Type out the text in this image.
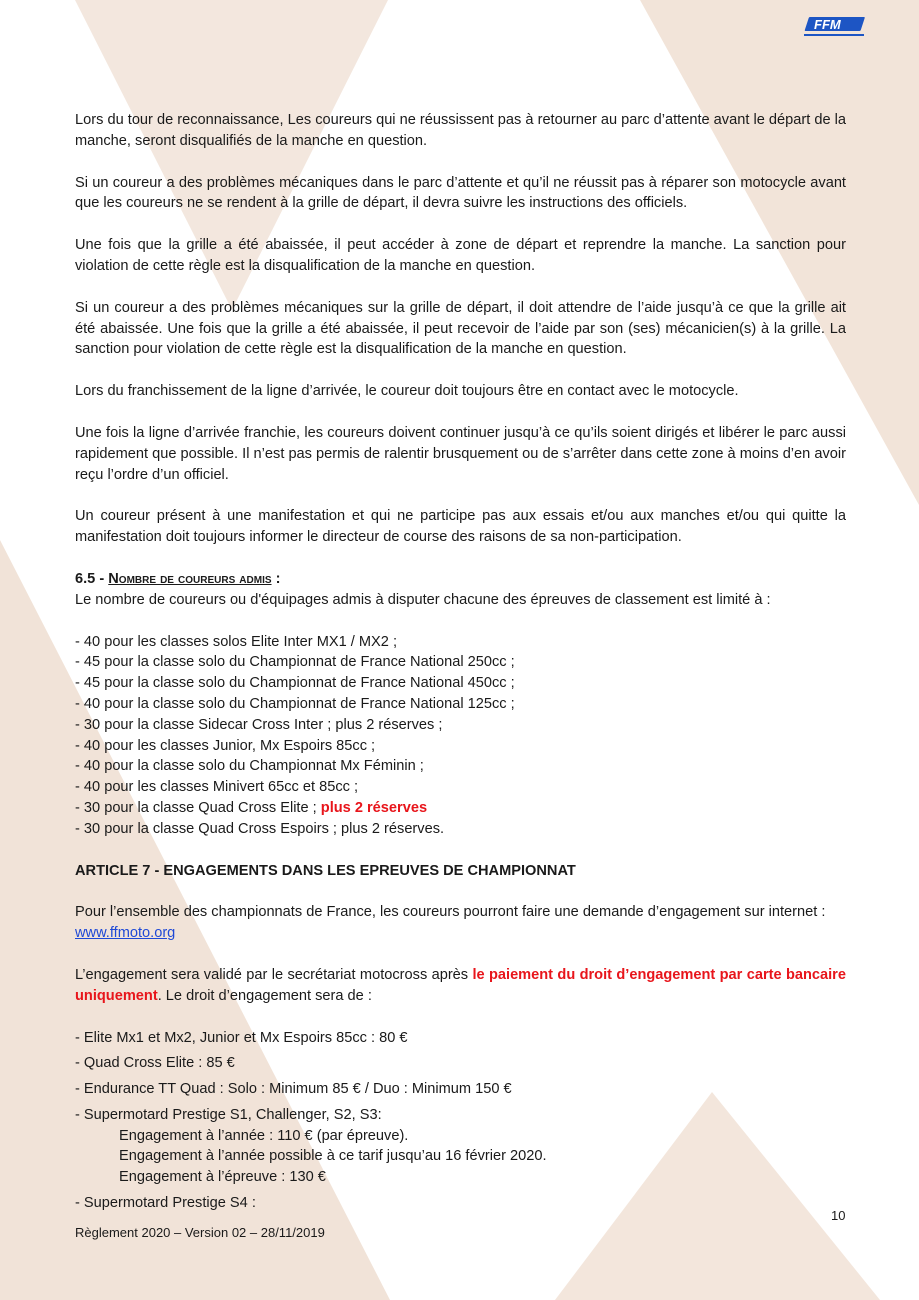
FFM

Lors du tour de reconnaissance, Les coureurs qui ne réussissent pas à retourner au parc d’attente avant le départ de la manche, seront disqualifiés de la manche en question.

Si un coureur a des problèmes mécaniques dans le parc d’attente et qu’il ne réussit pas à réparer son motocycle avant que les coureurs ne se rendent à la grille de départ, il devra suivre les instructions des officiels.

Une fois que la grille a été abaissée, il peut accéder à zone de départ et reprendre la manche. La sanction pour violation de cette règle est la disqualification de la manche en question.

Si un coureur a des problèmes mécaniques sur la grille de départ, il doit attendre de l’aide jusqu’à ce que la grille ait été abaissée. Une fois que la grille a été abaissée, il peut recevoir de l’aide par son (ses) mécanicien(s) à la grille. La sanction pour violation de cette règle est la disqualification de la manche en question.

Lors du franchissement de la ligne d’arrivée, le coureur doit toujours être en contact avec le motocycle.

Une fois la ligne d’arrivée franchie, les coureurs doivent continuer jusqu’à ce qu’ils soient dirigés et libérer le parc aussi rapidement que possible. Il n’est pas permis de ralentir brusquement ou de s’arrêter dans cette zone à moins d’en avoir reçu l’ordre d’un officiel.

Un coureur présent à une manifestation et qui ne participe pas aux essais et/ou aux manches et/ou qui quitte la manifestation doit toujours informer le directeur de course des raisons de sa non-participation.

6.5 - Nombre de coureurs admis :

Le nombre de coureurs ou d'équipages admis à disputer chacune des épreuves de classement est limité à :

- 40 pour les classes solos Elite Inter MX1 / MX2 ;

- 45 pour la classe solo du Championnat de France National 250cc ;

- 45 pour la classe solo du Championnat de France National 450cc ;

- 40 pour la classe solo du Championnat de France National 125cc ;

- 30 pour la classe Sidecar Cross Inter ; plus 2 réserves ;

- 40 pour les classes Junior, Mx Espoirs 85cc ;

- 40 pour la classe solo du Championnat Mx Féminin ;

- 40 pour les classes Minivert 65cc et 85cc ;

- 30 pour la classe Quad Cross Elite ; plus 2 réserves

- 30 pour la classe Quad Cross Espoirs ; plus 2 réserves.

ARTICLE 7 - ENGAGEMENTS DANS LES EPREUVES DE CHAMPIONNAT

Pour l’ensemble des championnats de France, les coureurs pourront faire une demande d’engagement sur internet : www.ffmoto.org

L’engagement sera validé par le secrétariat motocross après le paiement du droit d’engagement par carte bancaire uniquement. Le droit d’engagement sera de :

- Elite Mx1 et Mx2, Junior et Mx Espoirs 85cc : 80 €

- Quad Cross Elite : 85 €

- Endurance TT Quad : Solo : Minimum 85 € / Duo : Minimum 150 €

- Supermotard Prestige S1, Challenger, S2, S3:

Engagement à l’année : 110 € (par épreuve).

Engagement à l’année possible à ce tarif jusqu’au 16 février 2020.

Engagement à l’épreuve : 130 €

- Supermotard Prestige S4 :

10
Règlement 2020 – Version 02 – 28/11/2019
